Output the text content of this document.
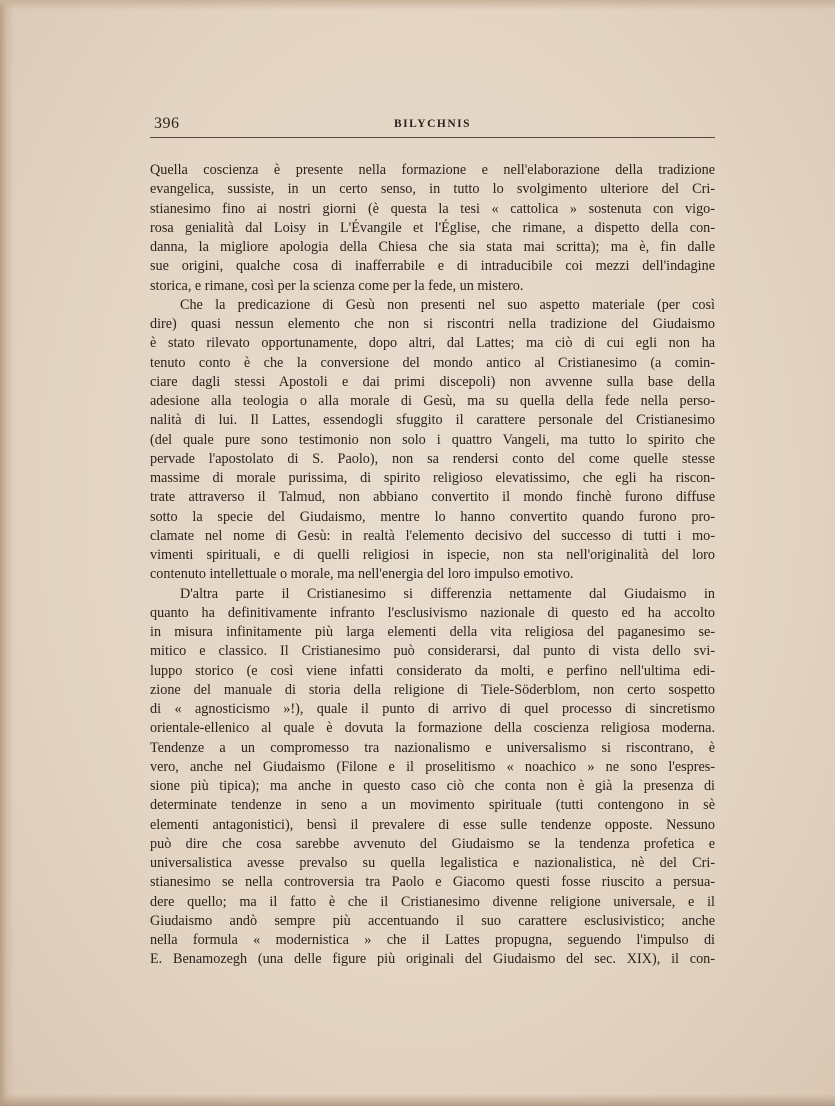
396	BILYCHNIS
Quella coscienza è presente nella formazione e nell'elaborazione della tradizione
evangelica, sussiste, in un certo senso, in tutto lo svolgimento ulteriore del Cri-
stianesimo fino ai nostri giorni (è questa la tesi « cattolica » sostenuta con vigo-
rosa genialità dal Loisy in L'Évangile et l'Église, che rimane, a dispetto della con-
danna, la migliore apologia della Chiesa che sia stata mai scritta); ma è, fin dalle
sue origini, qualche cosa di inafferrabile e di intraducibile coi mezzi dell'indagine
storica, e rimane, così per la scienza come per la fede, un mistero.
Che la predicazione di Gesù non presenti nel suo aspetto materiale (per così
dire) quasi nessun elemento che non si riscontri nella tradizione del Giudaismo
è stato rilevato opportunamente, dopo altri, dal Lattes; ma ciò di cui egli non ha
tenuto conto è che la conversione del mondo antico al Cristianesimo (a comin-
ciare dagli stessi Apostoli e dai primi discepoli) non avvenne sulla base della
adesione alla teologia o alla morale di Gesù, ma su quella della fede nella perso-
nalità di lui. Il Lattes, essendogli sfuggito il carattere personale del Cristianesimo
(del quale pure sono testimonio non solo i quattro Vangeli, ma tutto lo spirito che
pervade l'apostolato di S. Paolo), non sa rendersi conto del come quelle stesse
massime di morale purissima, di spirito religioso elevatissimo, che egli ha riscon-
trate attraverso il Talmud, non abbiano convertito il mondo finchè furono diffuse
sotto la specie del Giudaismo, mentre lo hanno convertito quando furono pro-
clamate nel nome di Gesù: in realtà l'elemento decisivo del successo di tutti i mo-
vimenti spirituali, e di quelli religiosi in ispecie, non sta nell'originalità del loro
contenuto intellettuale o morale, ma nell'energia del loro impulso emotivo.
D'altra parte il Cristianesimo si differenzia nettamente dal Giudaismo in
quanto ha definitivamente infranto l'esclusivismo nazionale di questo ed ha accolto
in misura infinitamente più larga elementi della vita religiosa del paganesimo se-
mitico e classico. Il Cristianesimo può considerarsi, dal punto di vista dello svi-
luppo storico (e così viene infatti considerato da molti, e perfino nell'ultima edi-
zione del manuale di storia della religione di Tiele-Söderblom, non certo sospetto
di « agnosticismo »!), quale il punto di arrivo di quel processo di sincretismo
orientale-ellenico al quale è dovuta la formazione della coscienza religiosa moderna.
Tendenze a un compromesso tra nazionalismo e universalismo si riscontrano, è
vero, anche nel Giudaismo (Filone e il proselitismo « noachico » ne sono l'espres-
sione più tipica); ma anche in questo caso ciò che conta non è già la presenza di
determinate tendenze in seno a un movimento spirituale (tutti contengono in sè
elementi antagonistici), bensì il prevalere di esse sulle tendenze opposte. Nessuno
può dire che cosa sarebbe avvenuto del Giudaismo se la tendenza profetica e
universalistica avesse prevalso su quella legalistica e nazionalistica, nè del Cri-
stianesimo se nella controversia tra Paolo e Giacomo questi fosse riuscito a persua-
dere quello; ma il fatto è che il Cristianesimo divenne religione universale, e il
Giudaismo andò sempre più accentuando il suo carattere esclusivistico; anche
nella formula « modernistica » che il Lattes propugna, seguendo l'impulso di
E. Benamozegh (una delle figure più originali del Giudaismo del sec. XIX), il con-
